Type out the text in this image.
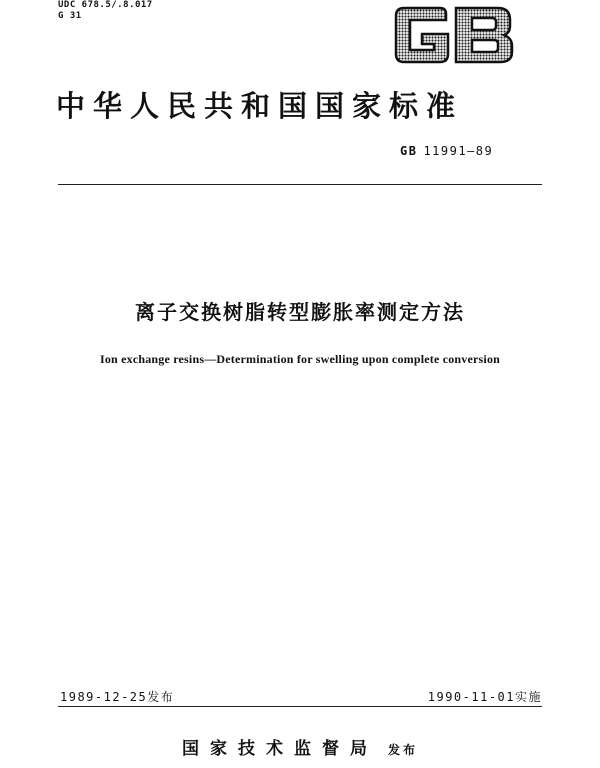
UDC 678.5/.8.017
G 31
中华人民共和国国家标准
GB 11991—89
离子交换树脂转型膨胀率测定方法
Ion exchange resins—Determination for swelling upon complete conversion
1989-12-25发布	1990-11-01实施
国家技术监督局 发布
